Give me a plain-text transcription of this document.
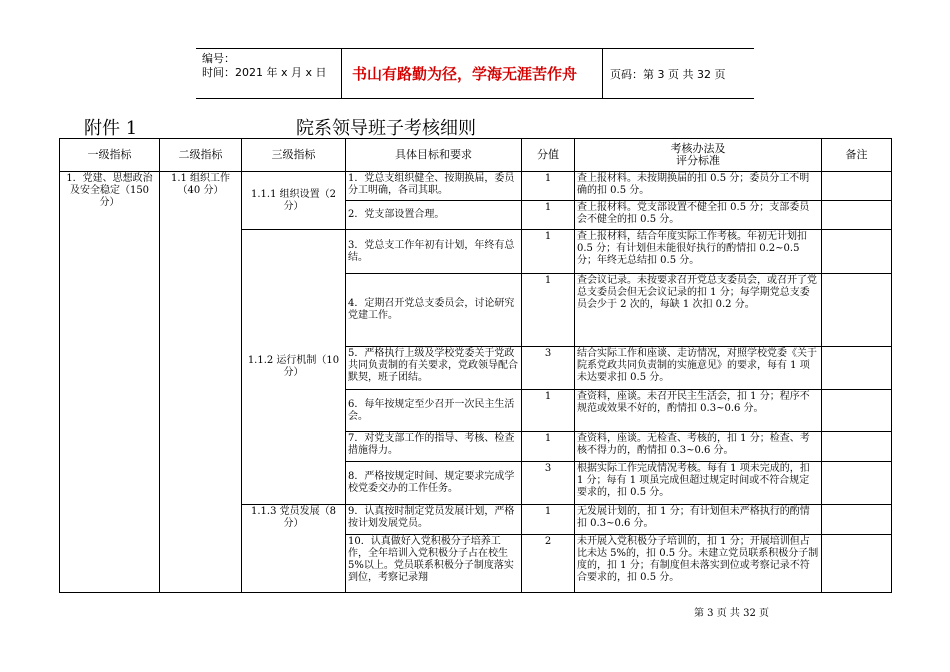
编号：
时间：2021 年 x 月 x 日 书山有路勤为径，学海无涯苦作舟	页码：第 3 页 共 32 页
附件 1	院系领导班子考核细则
一级指标	二级指标	三级指标	具体目标和要求	分值	考核办法及
评分标准	备注
1．党建、思想政治及安全稳定（150 分）	1.1 组织工作（40 分）	1.1.1 组织设置（2 分）	1．党总支组织健全、按期换届，委员分工明确，各司其职。	1	查上报材料。未按期换届的扣 0.5 分；委员分工不明确的扣 0.5 分。	
			2．党支部设置合理。	1	查上报材料。党支部设置不健全扣 0.5 分；支部委员会不健全的扣 0.5 分。	
		1.1.2 运行机制（10 分）	3．党总支工作年初有计划，年终有总结。	1	查上报材料，结合年度实际工作考核。年初无计划扣 0.5 分；有计划但未能很好执行的酌情扣 0.2~0.5 分；年终无总结扣 0.5 分。	
			4．定期召开党总支委员会，讨论研究党建工作。	1	查会议记录。未按要求召开党总支委员会，或召开了党总支委员会但无会议记录的扣 1 分；每学期党总支委员会少于 2 次的，每缺 1 次扣 0.2 分。	
			5．严格执行上级及学校党委关于党政共同负责制的有关要求，党政领导配合默契，班子团结。	3	结合实际工作和座谈、走访情况，对照学校党委《关于院系党政共同负责制的实施意见》的要求，每有 1 项未达要求扣 0.5 分。	
			6．每年按规定至少召开一次民主生活会。	1	查资料，座谈。未召开民主生活会，扣 1 分；程序不规范或效果不好的，酌情扣 0.3~0.6 分。	
			7．对党支部工作的指导、考核、检查措施得力。	1	查资料，座谈。无检查、考核的，扣 1 分；检查、考核不得力的，酌情扣 0.3~0.6 分。	
			8．严格按规定时间、规定要求完成学校党委交办的工作任务。	3	根据实际工作完成情况考核。每有 1 项未完成的，扣 1 分；每有 1 项虽完成但超过规定时间或不符合规定要求的，扣 0.5 分。	
		1.1.3 党员发展（8 分）	9．认真按时制定党员发展计划，严格按计划发展党员。	1	无发展计划的，扣 1 分；有计划但未严格执行的酌情扣 0.3~0.6 分。	
			10．认真做好入党积极分子培养工作，全年培训入党积极分子占在校生 5%以上。党员联系积极分子制度落实到位，考察记录翔	2	未开展入党积极分子培训的，扣 1 分；开展培训但占比未达 5%的，扣 0.5 分。未建立党员联系积极分子制度的，扣 1 分；有制度但未落实到位或考察记录不符合要求的，扣 0.5 分。	
第 3 页 共 32 页
